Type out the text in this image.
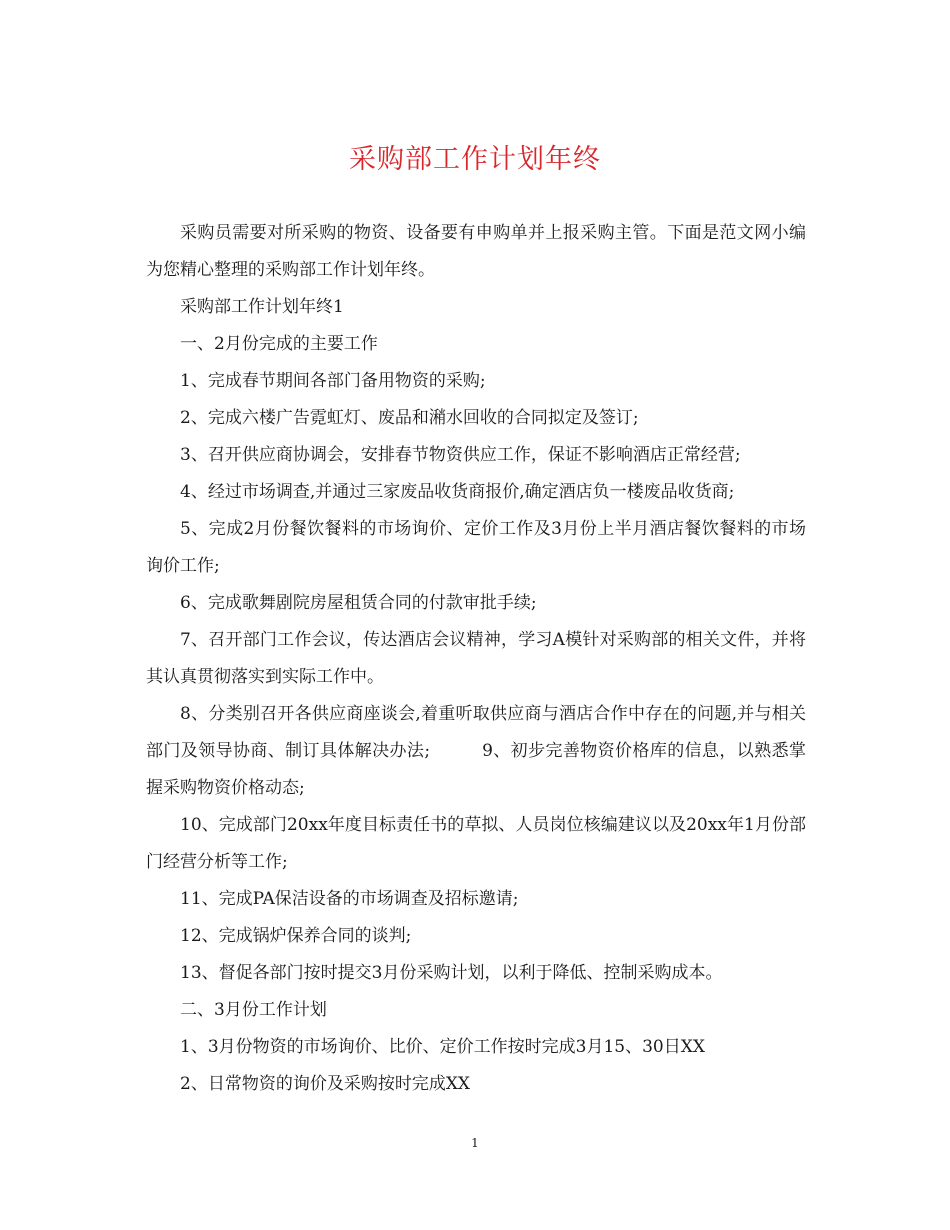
采购部工作计划年终

采购员需要对所采购的物资、设备要有申购单并上报采购主管。下面是范文网小编为您精心整理的采购部工作计划年终。

采购部工作计划年终1

一、2月份完成的主要工作

1、完成春节期间各部门备用物资的采购;

2、完成六楼广告霓虹灯、废品和潲水回收的合同拟定及签订;

3、召开供应商协调会，安排春节物资供应工作，保证不影响酒店正常经营;

4、经过市场调查,并通过三家废品收货商报价,确定酒店负一楼废品收货商;

5、完成2月份餐饮餐料的市场询价、定价工作及3月份上半月酒店餐饮餐料的市场询价工作;

6、完成歌舞剧院房屋租赁合同的付款审批手续;

7、召开部门工作会议，传达酒店会议精神，学习A模针对采购部的相关文件，并将其认真贯彻落实到实际工作中。

8、分类别召开各供应商座谈会,着重听取供应商与酒店合作中存在的问题,并与相关部门及领导协商、制订具体解决办法;	9、初步完善物资价格库的信息，以熟悉掌握采购物资价格动态;

10、完成部门20xx年度目标责任书的草拟、人员岗位核编建议以及20xx年1月份部门经营分析等工作;

11、完成PA保洁设备的市场调查及招标邀请;

12、完成锅炉保养合同的谈判;

13、督促各部门按时提交3月份采购计划，以利于降低、控制采购成本。

二、3月份工作计划

1、3月份物资的市场询价、比价、定价工作按时完成3月15、30日XX

2、日常物资的询价及采购按时完成XX

1
